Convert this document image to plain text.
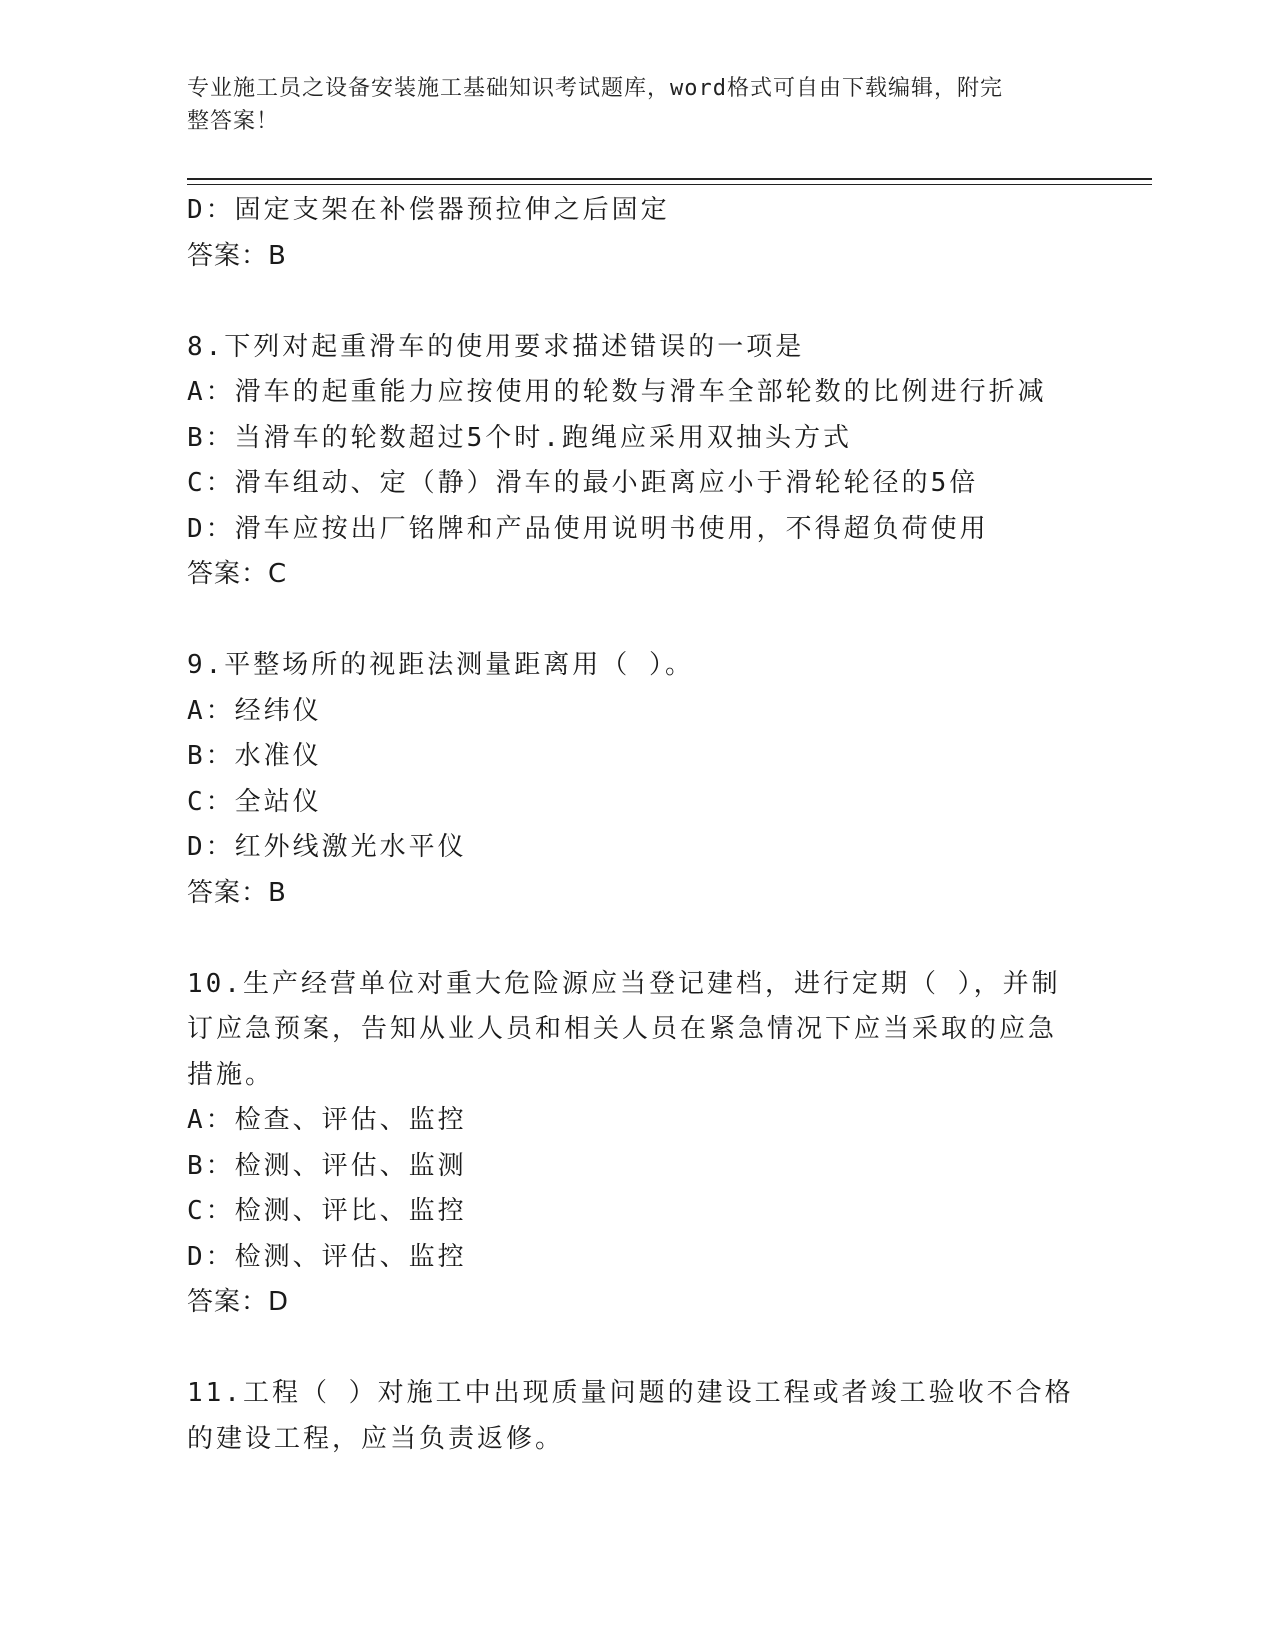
专业施工员之设备安装施工基础知识考试题库，word格式可自由下载编辑，附完
整答案！
D：固定支架在补偿器预拉伸之后固定
答案：B
8.下列对起重滑车的使用要求描述错误的一项是
A：滑车的起重能力应按使用的轮数与滑车全部轮数的比例进行折减
B：当滑车的轮数超过5个时.跑绳应采用双抽头方式
C：滑车组动、定（静）滑车的最小距离应小于滑轮轮径的5倍
D：滑车应按出厂铭牌和产品使用说明书使用，不得超负荷使用
答案：C
9.平整场所的视距法测量距离用（ ）。
A：经纬仪
B：水准仪
C：全站仪
D：红外线激光水平仪
答案：B
10.生产经营单位对重大危险源应当登记建档，进行定期（ ），并制
订应急预案，告知从业人员和相关人员在紧急情况下应当采取的应急
措施。
A：检查、评估、监控
B：检测、评估、监测
C：检测、评比、监控
D：检测、评估、监控
答案：D
11.工程（ ）对施工中出现质量问题的建设工程或者竣工验收不合格
的建设工程，应当负责返修。
